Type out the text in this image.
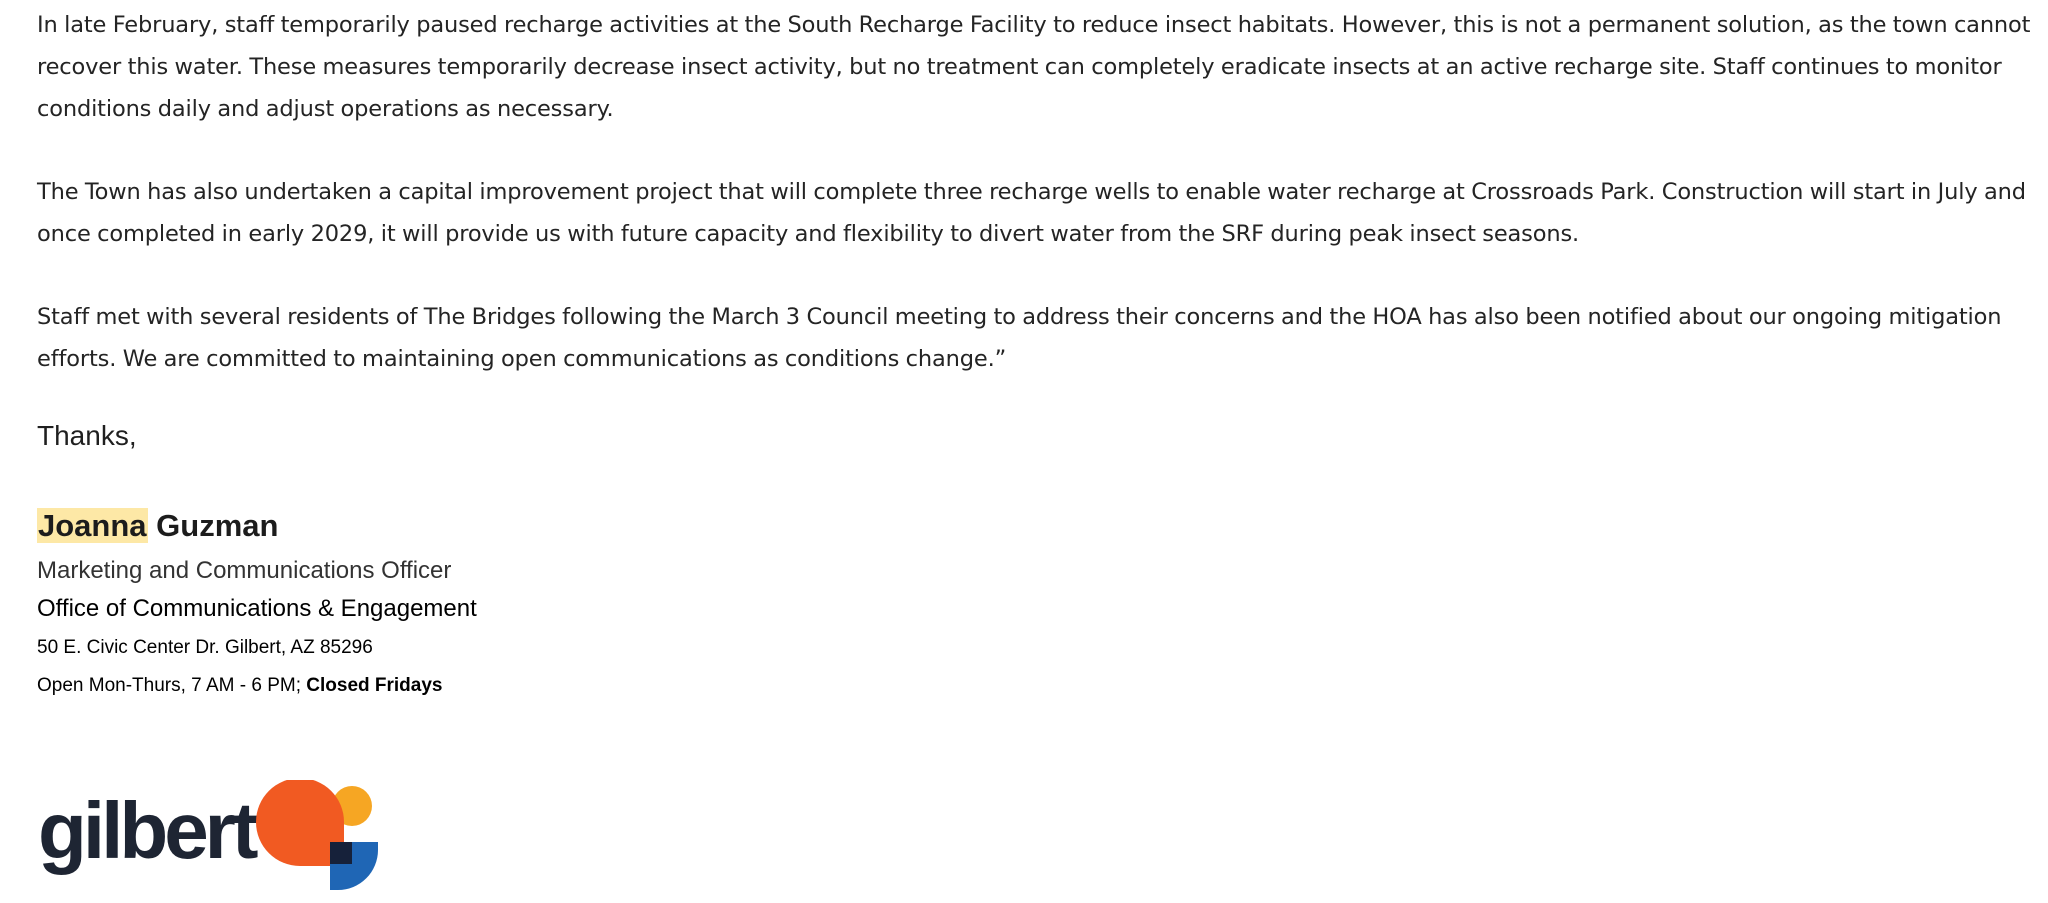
In late February, staff temporarily paused recharge activities at the South Recharge Facility to reduce insect habitats. However, this is not a permanent solution, as the town cannot recover this water. These measures temporarily decrease insect activity, but no treatment can completely eradicate insects at an active recharge site. Staff continues to monitor conditions daily and adjust operations as necessary.

The Town has also undertaken a capital improvement project that will complete three recharge wells to enable water recharge at Crossroads Park. Construction will start in July and once completed in early 2029, it will provide us with future capacity and flexibility to divert water from the SRF during peak insect seasons.

Staff met with several residents of The Bridges following the March 3 Council meeting to address their concerns and the HOA has also been notified about our ongoing mitigation efforts. We are committed to maintaining open communications as conditions change.”

Thanks,
Joanna Guzman
Marketing and Communications Officer
Office of Communications & Engagement
50 E. Civic Center Dr. Gilbert, AZ 85296
Open Mon-Thurs, 7 AM - 6 PM; Closed Fridays
gilbert
